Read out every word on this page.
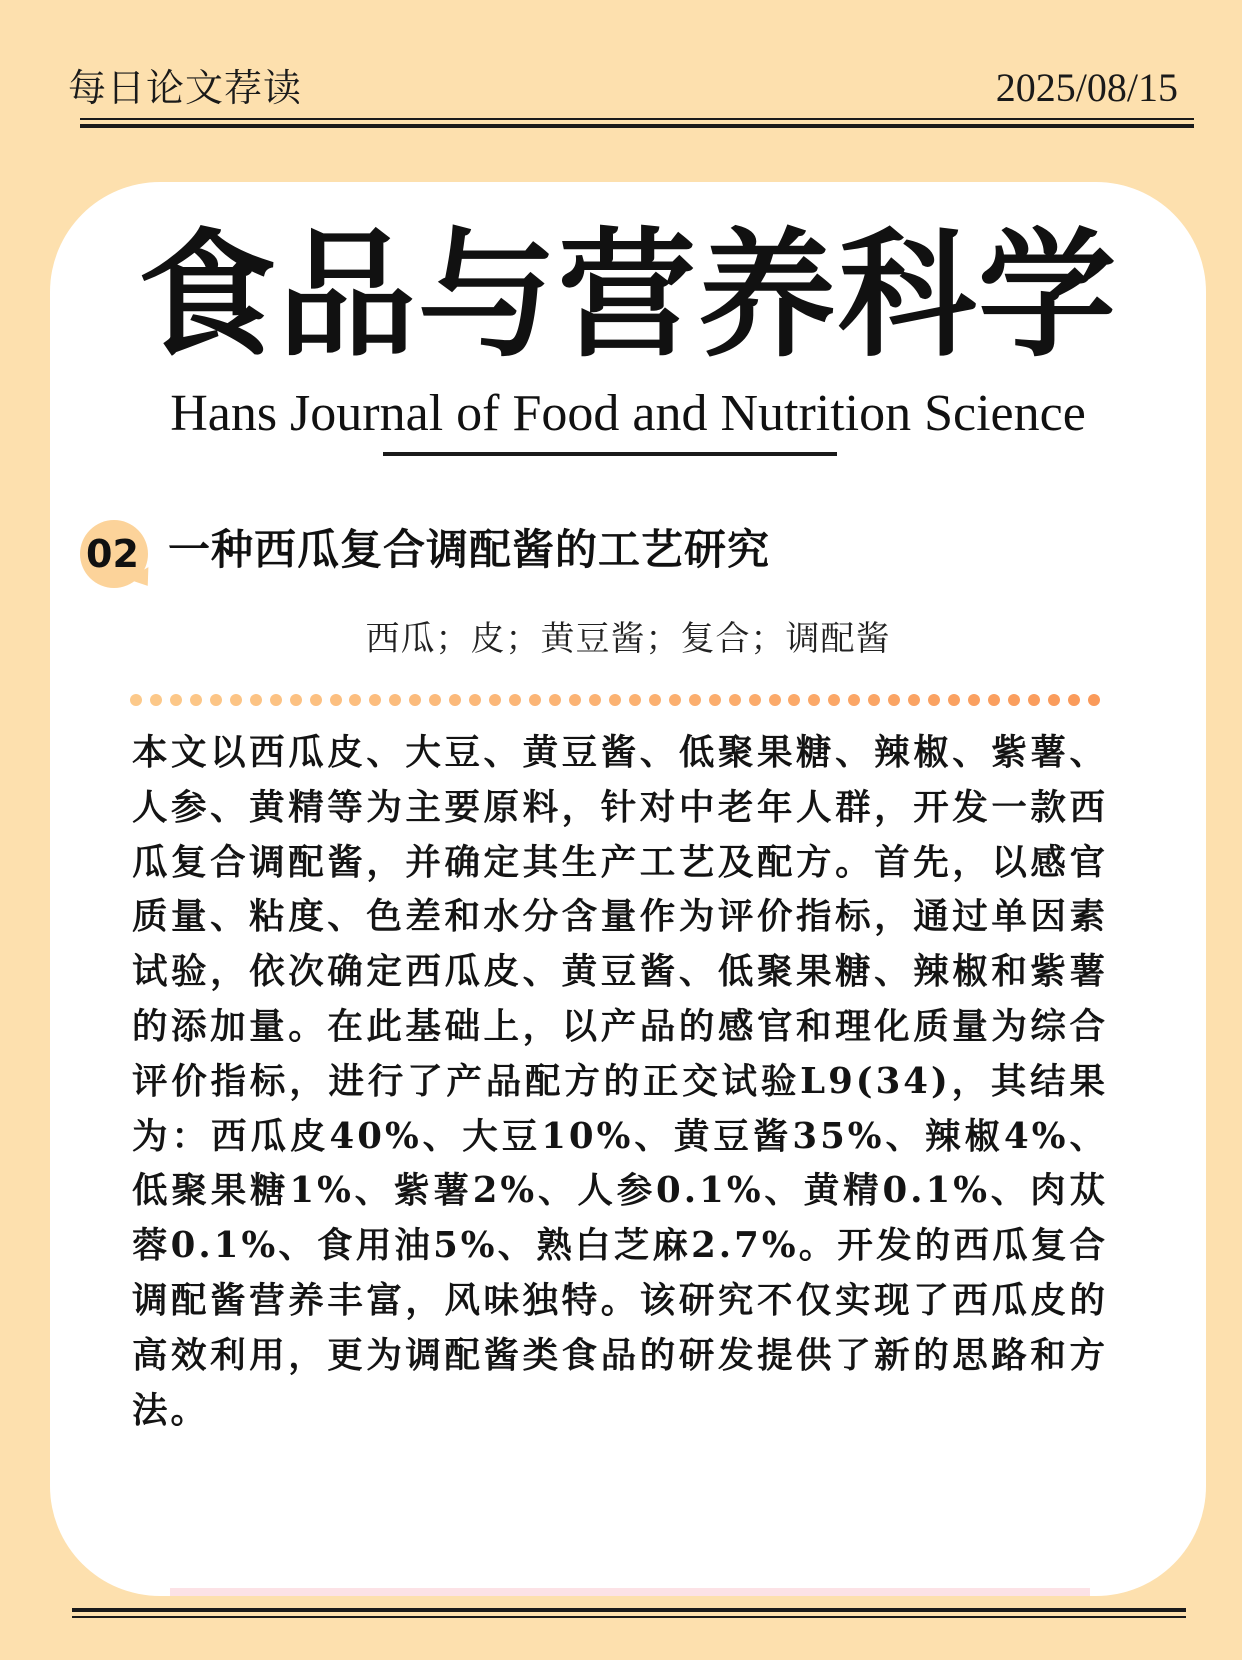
每日论文荐读	2025/08/15
食品与营养科学
Hans Journal of Food and Nutrition Science
02 一种西瓜复合调配酱的工艺研究
西瓜；皮；黄豆酱；复合；调配酱

本文以西瓜皮、大豆、黄豆酱、低聚果糖、辣椒、紫薯、人参、黄精等为主要原料，针对中老年人群，开发一款西瓜复合调配酱，并确定其生产工艺及配方。首先，以感官质量、粘度、色差和水分含量作为评价指标，通过单因素试验，依次确定西瓜皮、黄豆酱、低聚果糖、辣椒和紫薯的添加量。在此基础上，以产品的感官和理化质量为综合评价指标，进行了产品配方的正交试验L9(34)，其结果为：西瓜皮40%、大豆10%、黄豆酱35%、辣椒4%、低聚果糖1%、紫薯2%、人参0.1%、黄精0.1%、肉苁蓉0.1%、食用油5%、熟白芝麻2.7%。开发的西瓜复合调配酱营养丰富，风味独特。该研究不仅实现了西瓜皮的高效利用，更为调配酱类食品的研发提供了新的思路和方法。
